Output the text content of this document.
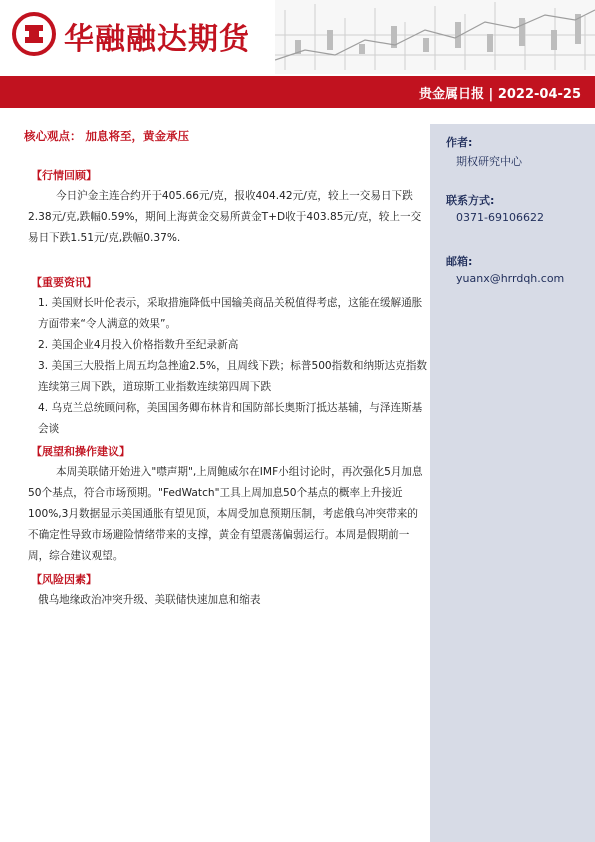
华融融达期货
贵金属日报 | 2022-04-25
作者:
期权研究中心
联系方式:
0371-69106622
邮箱:
yuanx@hrrdqh.com
核心观点： 加息将至，黄金承压
【行情回顾】
今日沪金主连合约开于405.66元/克，报收404.42元/克，较上一交易日下跌2.38元/克,跌幅0.59%，期间上海黄金交易所黄金T+D收于403.85元/克，较上一交易日下跌1.51元/克,跌幅0.37%.
【重要资讯】
1. 美国财长叶伦表示，采取措施降低中国输美商品关税值得考虑，这能在缓解通胀方面带来“令人满意的效果”。
2. 美国企业4月投入价格指数升至纪录新高
3. 美国三大股指上周五均急挫逾2.5%，且周线下跌；标普500指数和纳斯达克指数连续第三周下跌，道琼斯工业指数连续第四周下跌
4. 乌克兰总统顾问称，美国国务卿布林肯和国防部长奥斯汀抵达基辅，与泽连斯基会谈
【展望和操作建议】
本周美联储开始进入"噤声期",上周鲍威尔在IMF小组讨论时，再次强化5月加息50个基点，符合市场预期。"FedWatch"工具上周加息50个基点的概率上升接近100%,3月数据显示美国通胀有望见顶，本周受加息预期压制，考虑俄乌冲突带来的不确定性导致市场避险情绪带来的支撑，黄金有望震荡偏弱运行。本周是假期前一周，综合建议观望。
【风险因素】
俄乌地缘政治冲突升级、美联储快速加息和缩表
